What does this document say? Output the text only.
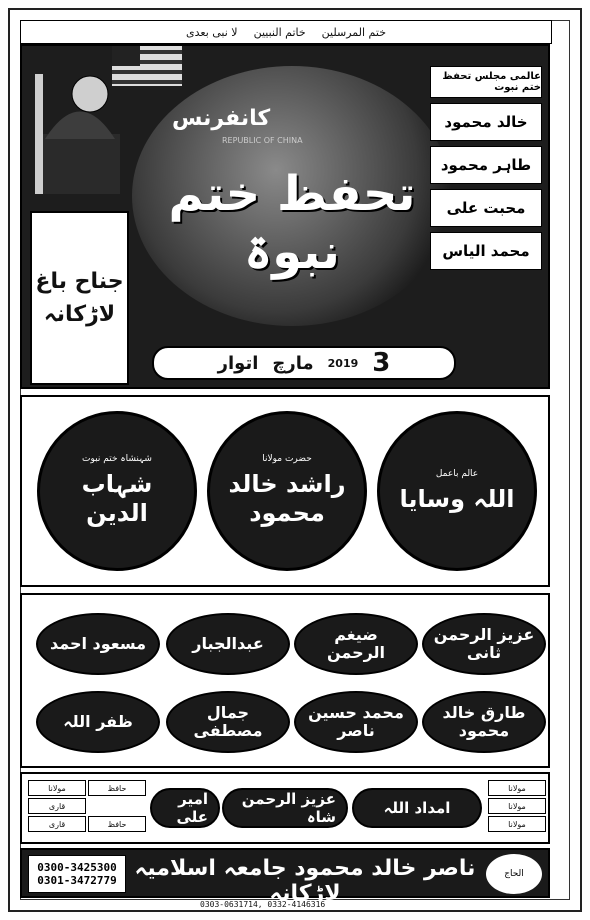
ختم المرسلین
خاتم النبیین
لا نبی بعدی
REPUBLIC OF CHINA
کانفرنس
تحفظ ختم نبوۃ
جناح باغ
لاڑکانہ
عالمی مجلس تحفظ ختم نبوت
خالد محمود
طاہر محمود
محبت علی
محمد الیاس
3
2019
مارچ
اتوار
عالم باعمل
اللہ وسایا
حضرت مولانا
راشد خالد محمود
شہنشاہ ختم نبوت
شہاب الدین
عزیز الرحمن ثانی
ضیغم الرحمن
عبدالجبار
مسعود احمد
طارق خالد محمود
محمد حسین ناصر
جمال مصطفی
ظفر اللہ
مولانا
مولانا
مولانا
مولانا
قاری
قاری
حافظ
حافظ
امداد اللہ
عزیز الرحمن شاہ
امیر علی
0300-3425300
0301-3472779 ناصر خالد محمود جامعہ اسلامیہ لاڑکانہ
الحاج
0303-0631714, 0332-4146316
